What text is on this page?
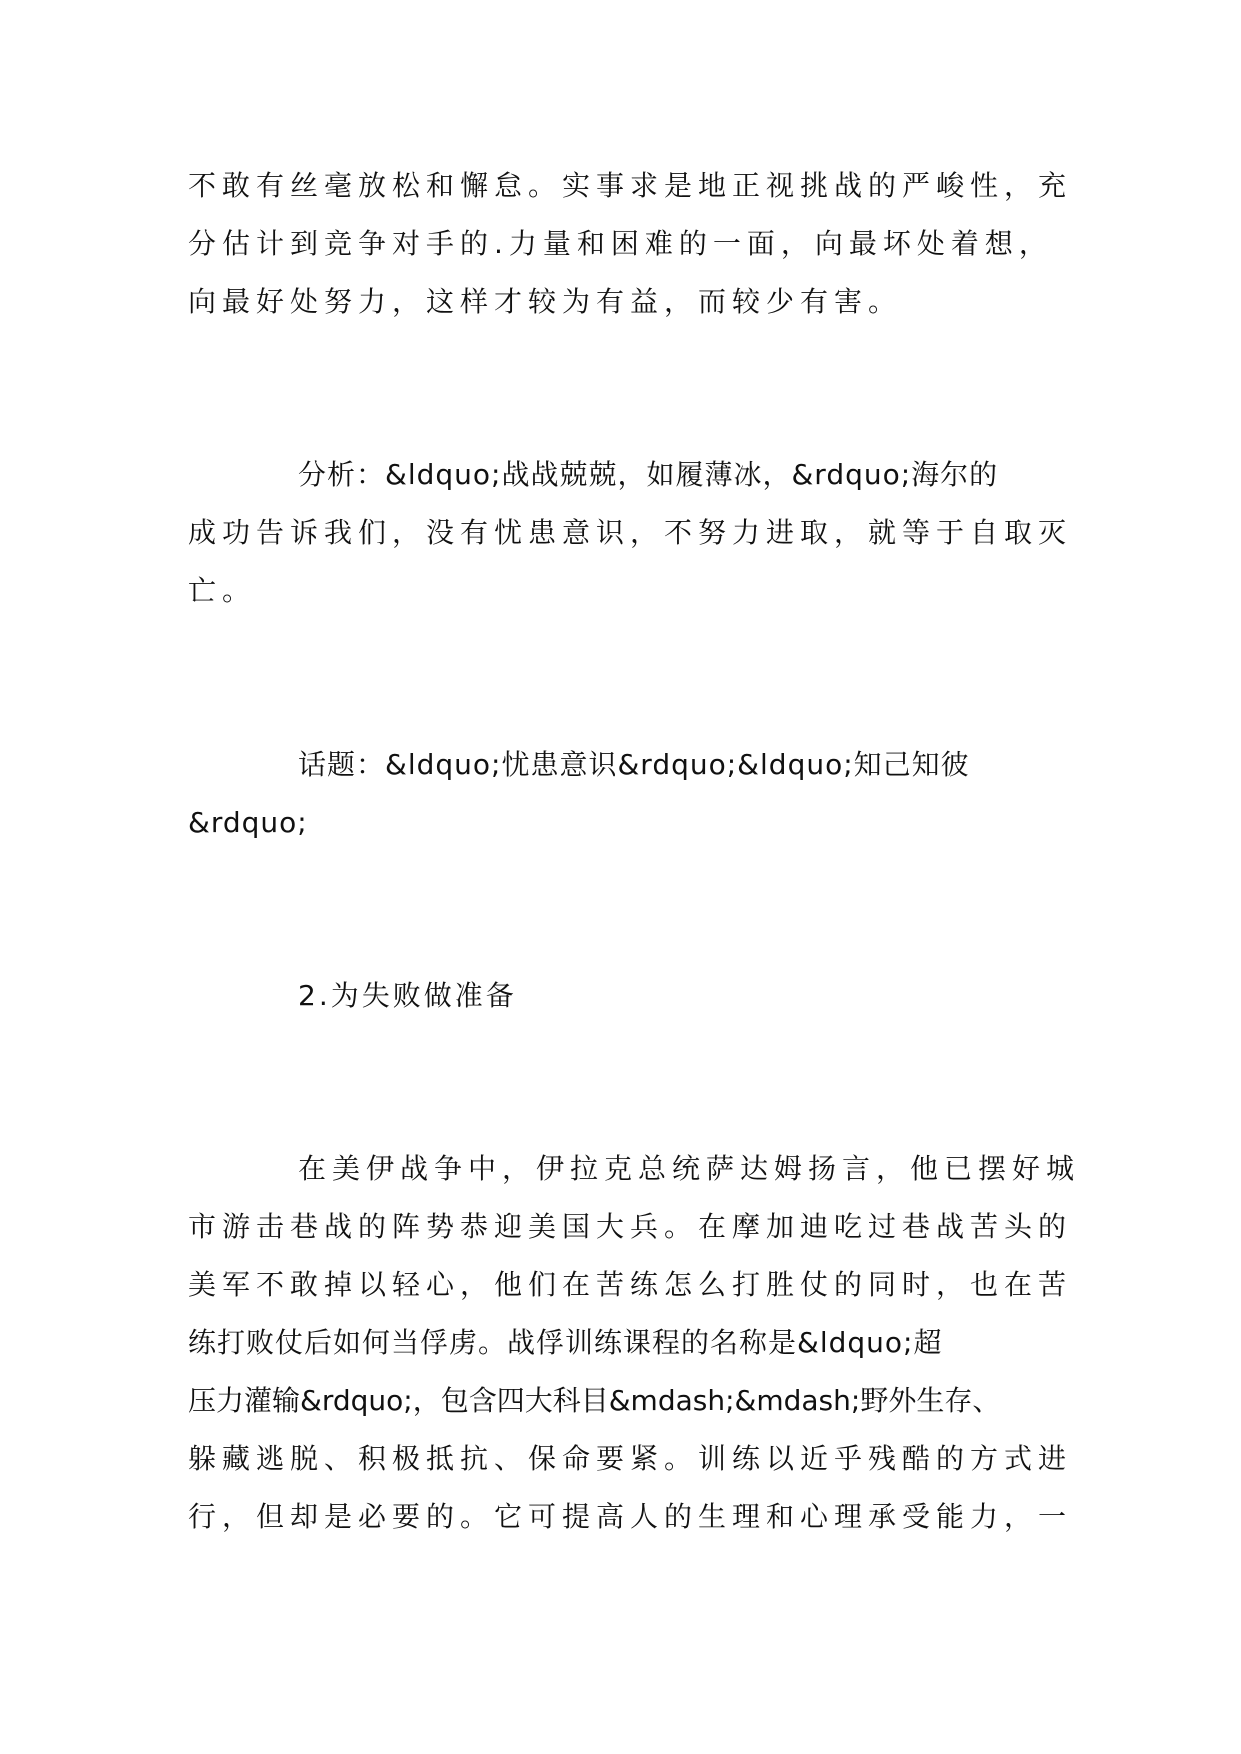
不敢有丝毫放松和懈怠。实事求是地正视挑战的严峻性，充

分估计到竞争对手的.力量和困难的一面，向最坏处着想，

向最好处努力，这样才较为有益，而较少有害。

分析：&ldquo;战战兢兢，如履薄冰，&rdquo;海尔的

成功告诉我们，没有忧患意识，不努力进取，就等于自取灭

亡。

话题：&ldquo;忧患意识&rdquo;&ldquo;知己知彼

&rdquo;

2.为失败做准备

在美伊战争中，伊拉克总统萨达姆扬言，他已摆好城

市游击巷战的阵势恭迎美国大兵。在摩加迪吃过巷战苦头的

美军不敢掉以轻心，他们在苦练怎么打胜仗的同时，也在苦

练打败仗后如何当俘虏。战俘训练课程的名称是&ldquo;超

压力灌输&rdquo;，包含四大科目&mdash;&mdash;野外生存、

躲藏逃脱、积极抵抗、保命要紧。训练以近乎残酷的方式进

行，但却是必要的。它可提高人的生理和心理承受能力，一
